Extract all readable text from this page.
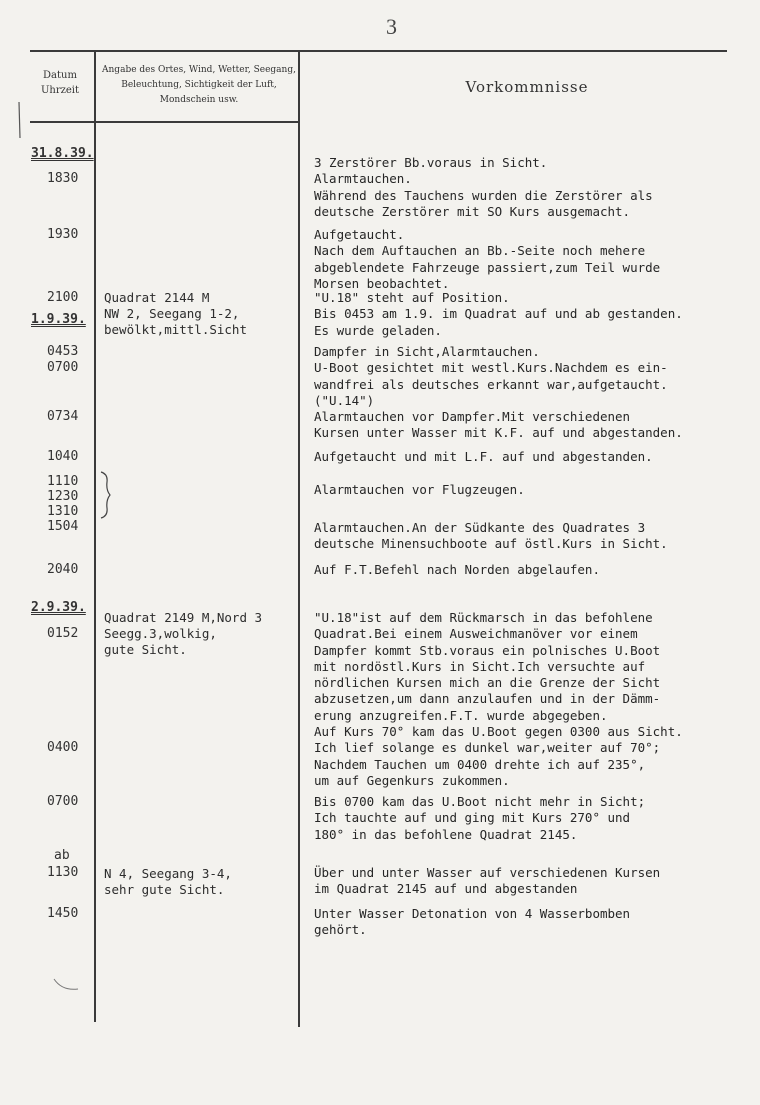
3
Datum
Uhrzeit
Angabe des Ortes, Wind, Wetter, Seegang, Beleuchtung, Sichtigkeit der Luft, Mondschein usw.
Vorkommnisse
31.8.39.
1.9.39.
2.9.39.
1830
1930
2100
0453
0700
0734
1040
1110
1230
1310
1504
2040
0152
0400
0700
ab
1130
1450
Quadrat 2144 M
NW 2, Seegang 1-2,
bewölkt,mittl.Sicht
Quadrat 2149 M,Nord 3
Seegg.3,wolkig,
gute Sicht.
N 4, Seegang 3-4,
sehr gute Sicht.
3 Zerstörer Bb.voraus in Sicht.
Alarmtauchen.
Während des Tauchens wurden die Zerstörer als
deutsche Zerstörer mit SO Kurs ausgemacht.
Aufgetaucht.
Nach dem Auftauchen an Bb.-Seite noch mehere
abgeblendete Fahrzeuge passiert,zum Teil wurde
Morsen beobachtet.
"U.18" steht auf Position.
Bis 0453 am 1.9. im Quadrat auf und ab gestanden.
Es wurde geladen.
Dampfer in Sicht,Alarmtauchen.
U-Boot gesichtet mit westl.Kurs.Nachdem es ein-
wandfrei als deutsches erkannt war,aufgetaucht.
("U.14")
Alarmtauchen vor Dampfer.Mit verschiedenen
Kursen unter Wasser mit K.F. auf und abgestanden.
Aufgetaucht und mit L.F. auf und abgestanden.
Alarmtauchen vor Flugzeugen.
Alarmtauchen.An der Südkante des Quadrates 3
deutsche Minensuchboote auf östl.Kurs in Sicht.
Auf F.T.Befehl nach Norden abgelaufen.
"U.18"ist auf dem Rückmarsch in das befohlene
Quadrat.Bei einem Ausweichmanöver vor einem
Dampfer kommt Stb.voraus ein polnisches U.Boot
mit nordöstl.Kurs in Sicht.Ich versuchte auf
nördlichen Kursen mich an die Grenze der Sicht
abzusetzen,um dann anzulaufen und in der Dämm-
erung anzugreifen.F.T. wurde abgegeben.
Auf Kurs 70° kam das U.Boot gegen 0300 aus Sicht.
Ich lief solange es dunkel war,weiter auf 70°;
Nachdem Tauchen um 0400 drehte ich auf 235°,
um auf Gegenkurs zukommen.
Bis 0700 kam das U.Boot nicht mehr in Sicht;
Ich tauchte auf und ging mit Kurs 270° und
180° in das befohlene Quadrat 2145.
Über und unter Wasser auf verschiedenen Kursen
im Quadrat 2145 auf und abgestanden
Unter Wasser Detonation von 4 Wasserbomben
gehört.
